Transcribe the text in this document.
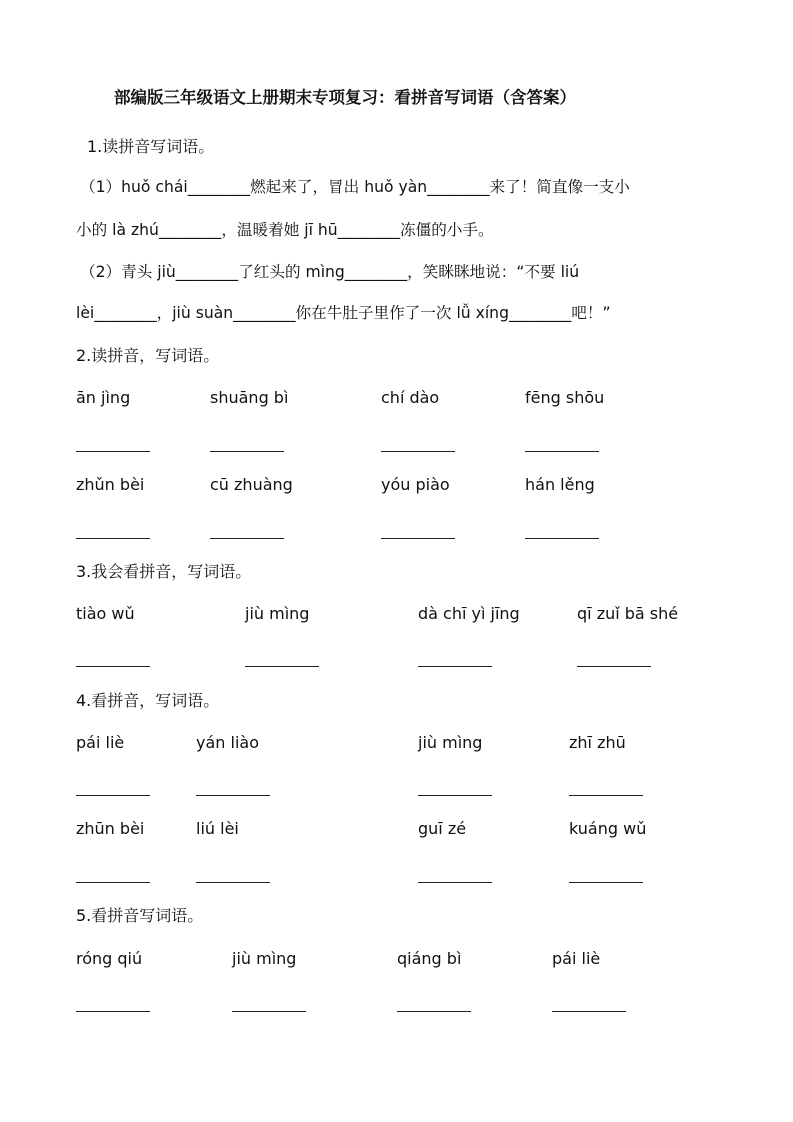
部编版三年级语文上册期末专项复习：看拼音写词语（含答案）
1.读拼音写词语。
（1）huǒ chái________燃起来了，冒出 huǒ yàn________来了！简直像一支小
小的 là zhú________，温暖着她 jī hū________冻僵的小手。
（2）青头 jiù________了红头的 mìng________，笑眯眯地说：“不要 liú
lèi________，jiù suàn________你在牛肚子里作了一次 lǚ xíng________吧！”
2.读拼音，写词语。
ān jìng	shuāng bì	chí dào	fēng shōu
zhǔn bèi	cū zhuàng	yóu piào	hán lěng
3.我会看拼音，写词语。
tiào wǔ	jiù mìng	dà chī yì jīng	qī zuǐ bā shé
4.看拼音，写词语。
pái liè	yán liào	jiù mìng	zhī zhū
zhūn bèi	liú lèi	guī zé	kuáng wǔ
5.看拼音写词语。
róng qiú	jiù mìng	qiáng bì	pái liè
